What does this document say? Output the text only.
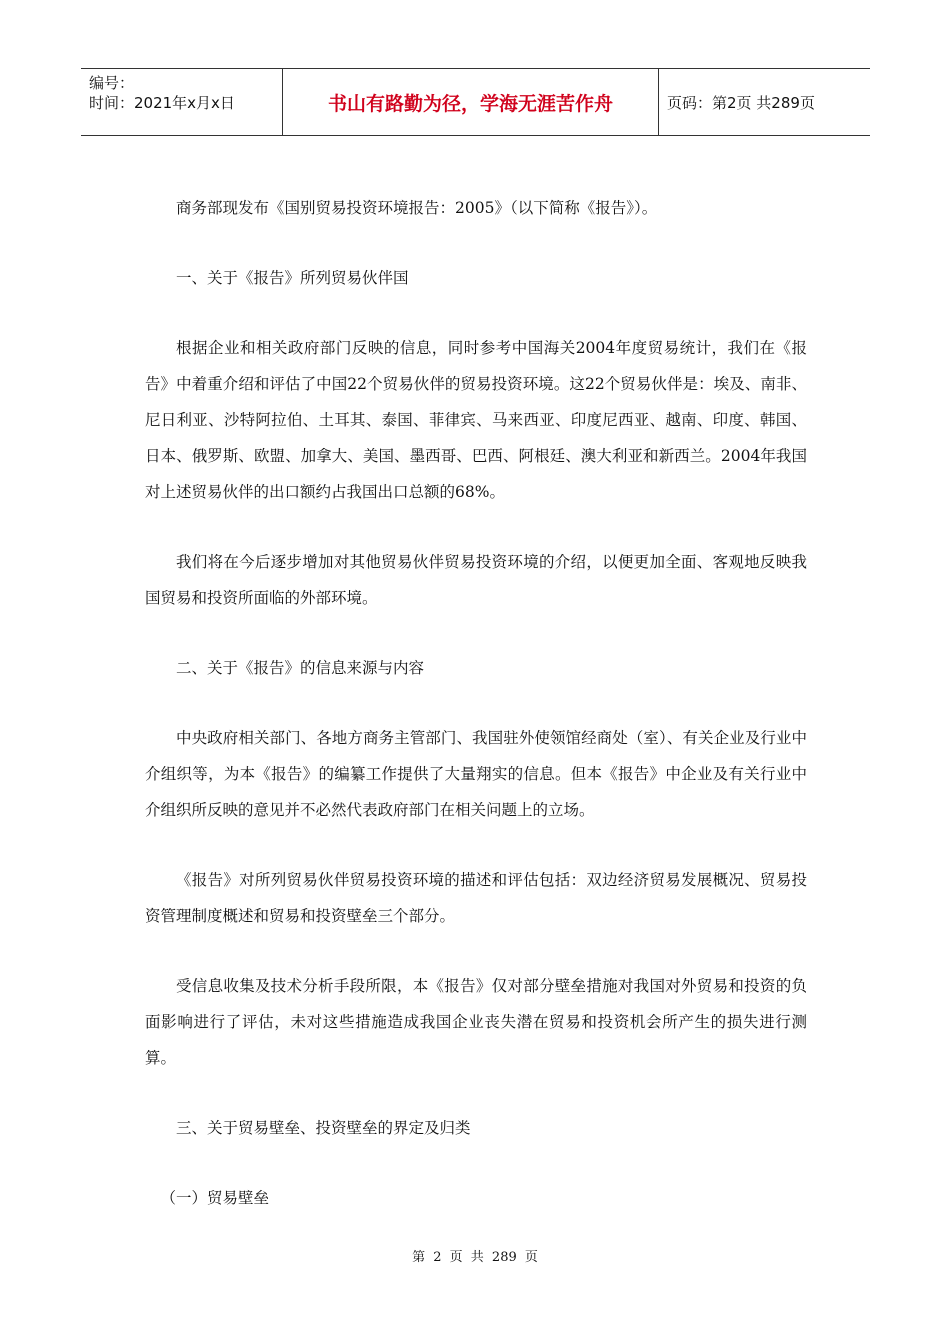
编号：
时间：2021年x月x日	书山有路勤为径，学海无涯苦作舟	页码：第2页 共289页

商务部现发布《国别贸易投资环境报告：2005》（以下简称《报告》）。

一、关于《报告》所列贸易伙伴国

根据企业和相关政府部门反映的信息，同时参考中国海关2004年度贸易统计，我们在《报告》中着重介绍和评估了中国22个贸易伙伴的贸易投资环境。这22个贸易伙伴是：埃及、南非、尼日利亚、沙特阿拉伯、土耳其、泰国、菲律宾、马来西亚、印度尼西亚、越南、印度、韩国、日本、俄罗斯、欧盟、加拿大、美国、墨西哥、巴西、阿根廷、澳大利亚和新西兰。2004年我国对上述贸易伙伴的出口额约占我国出口总额的68%。

我们将在今后逐步增加对其他贸易伙伴贸易投资环境的介绍，以便更加全面、客观地反映我国贸易和投资所面临的外部环境。

二、关于《报告》的信息来源与内容

中央政府相关部门、各地方商务主管部门、我国驻外使领馆经商处（室）、有关企业及行业中介组织等，为本《报告》的编纂工作提供了大量翔实的信息。但本《报告》中企业及有关行业中介组织所反映的意见并不必然代表政府部门在相关问题上的立场。

《报告》对所列贸易伙伴贸易投资环境的描述和评估包括：双边经济贸易发展概况、贸易投资管理制度概述和贸易和投资壁垒三个部分。

受信息收集及技术分析手段所限，本《报告》仅对部分壁垒措施对我国对外贸易和投资的负面影响进行了评估，未对这些措施造成我国企业丧失潜在贸易和投资机会所产生的损失进行测算。

三、关于贸易壁垒、投资壁垒的界定及归类

（一）贸易壁垒

第 2 页 共 289 页
